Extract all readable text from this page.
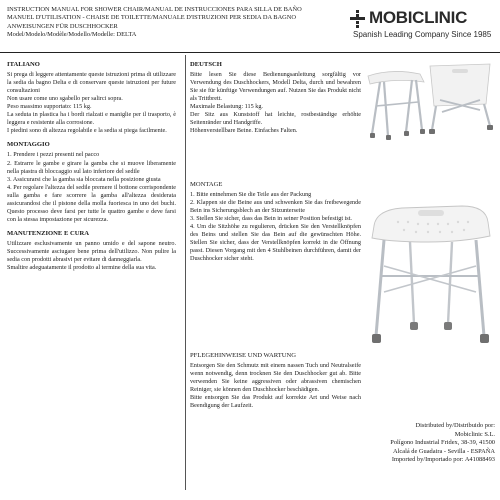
INSTRUCTION MANUAL FOR SHOWER CHAIR/MANUAL DE INSTRUCCIONES PARA SILLA DE BAÑO
MANUEL D'UTILISATION - CHAISE DE TOILETTE/MANUALE D'ISTRUZIONI PER SEDIA DA BAGNO
ANWEISUNGEN FÜR DUSCHHOCKER
Model/Modelo/Modèle/Modello/Modelle: DELTA
MOBICLINIC
Spanish Leading Company Since 1985
ITALIANO

Si prega di leggere attentamente queste istruzioni prima di utilizzare la sedia da bagno Delta e di conservare queste istruzioni per future consultazioni

Non usare come uno sgabello per salirci sopra.

Peso massimo supportato: 115 kg.

La seduta in plastica ha i bordi rialzati e maniglie per il trasporto, è leggera e resistente alla corrosione.

I piedini sono di altezza regolabile e la sedia si piega facilmente.

MONTAGGIO

1. Prendere i pezzi presenti nel pacco

2. Estrarre le gambe e girare la gamba che si muove liberamente nella piastra di bloccaggio sul lato inferiore del sedile

3. Assicurarsi che la gamba sia bloccata nella posizione giusta

4. Per regolare l'altezza del sedile premere il bottone corrispondente sulla gamba e fare scorrere la gamba all'altezza desiderata assicurandosi che il pistone della molla fuoriesca in uno dei buchi. Questo processo deve farsi per tutte le quattro gambe e deve farsi con la stessa impostazione per sicurezza.

MANUTENZIONE E CURA

Utilizzare esclusivamente un panno umido e del sapone neutro. Successivamente asciugare bene prima dell'utilizzo. Non pulire la sedia con prodotti abrasivi per evitare di danneggiarla.

Smaltire adeguatamente il prodotto al termine della sua vita.

DEUTSCH

Bitte lesen Sie diese Bedienungsanleitung sorgfältig vor Verwendung des Duschhockers, Modell Delta, durch und bewahren Sie sie für künftige Verwendungen auf. Nutzen Sie das Produkt nicht als Trittbrett.

Maximale Belastung: 115 kg.

Der Sitz aus Kunststoff hat leichte, rostbeständige erhöhte Seitenränder und Handgriffe.

Höhenverstellbare Beine. Einfaches Falten.

MONTAGE

1. Bitte entnehmen Sie die Teile aus der Packung

2. Klappen sie die Beine aus und schwenken Sie das freibewegende Bein ins Sicherungsblech an der Sitzunterseite

3. Stellen Sie sicher, dass das Bein in seiner Position befestigt ist.

4. Um die Sitzhöhe zu regulieren, drücken Sie den Verstellknöpfen des Beins und stellen Sie das Bein auf die gewünschten Höhe. Stellen Sie sicher, dass der Verstellknöpfen korrekt in die Öffnung passt. Diesen Vorgang mit den 4 Stuhlbeinen durchführen, damit der Duschhocker sicher steht.

PFLEGEHINWEISE UND WARTUNG

Entsorgen Sie den Schmutz mit einem nassen Tuch und Neutralseife wenn notwendig, denn trocknen Sie den Duschhocker gut ab. Bitte verwenden Sie keine aggressiven oder abrassiven chemischen Reiniger, sie können den Duschhocker beschädigen.

Bitte entsorgen Sie das Produkt auf korrekte Art und Weise nach Beendigung der Laufzeit.

Distributed by/Distribuido por:
Mobiclinic S.L.
Polígono Industrial Fridex, 38-39, 41500
Alcalá de Guadaira - Sevilla - ESPAÑA
Imported by/Importado por: A41088493
